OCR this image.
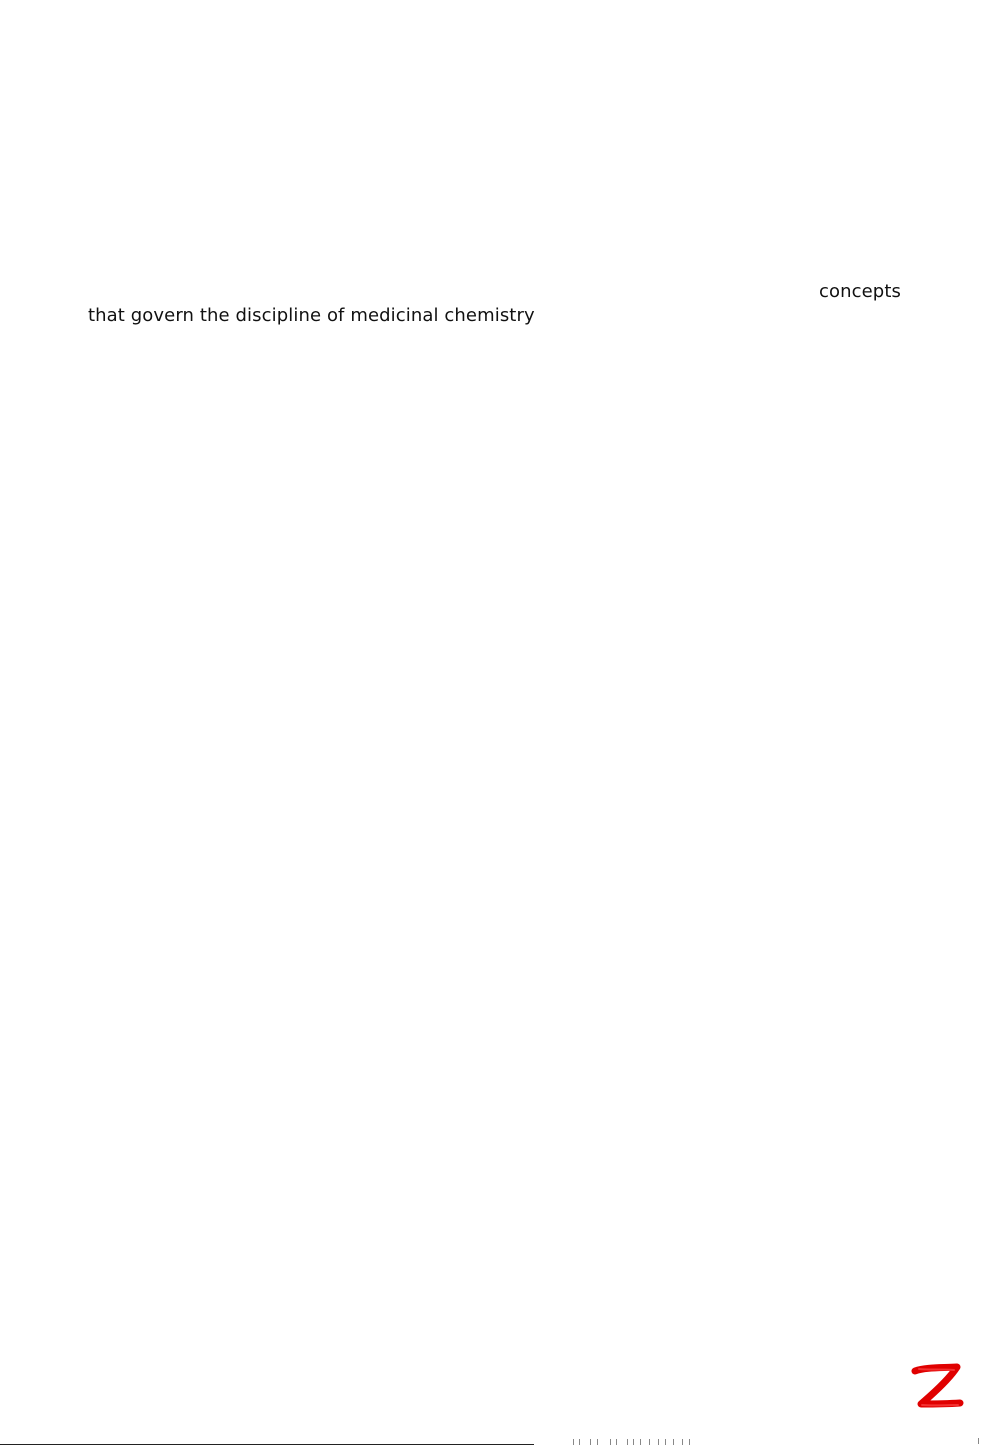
concepts
that govern the discipline of medicinal chemistry
